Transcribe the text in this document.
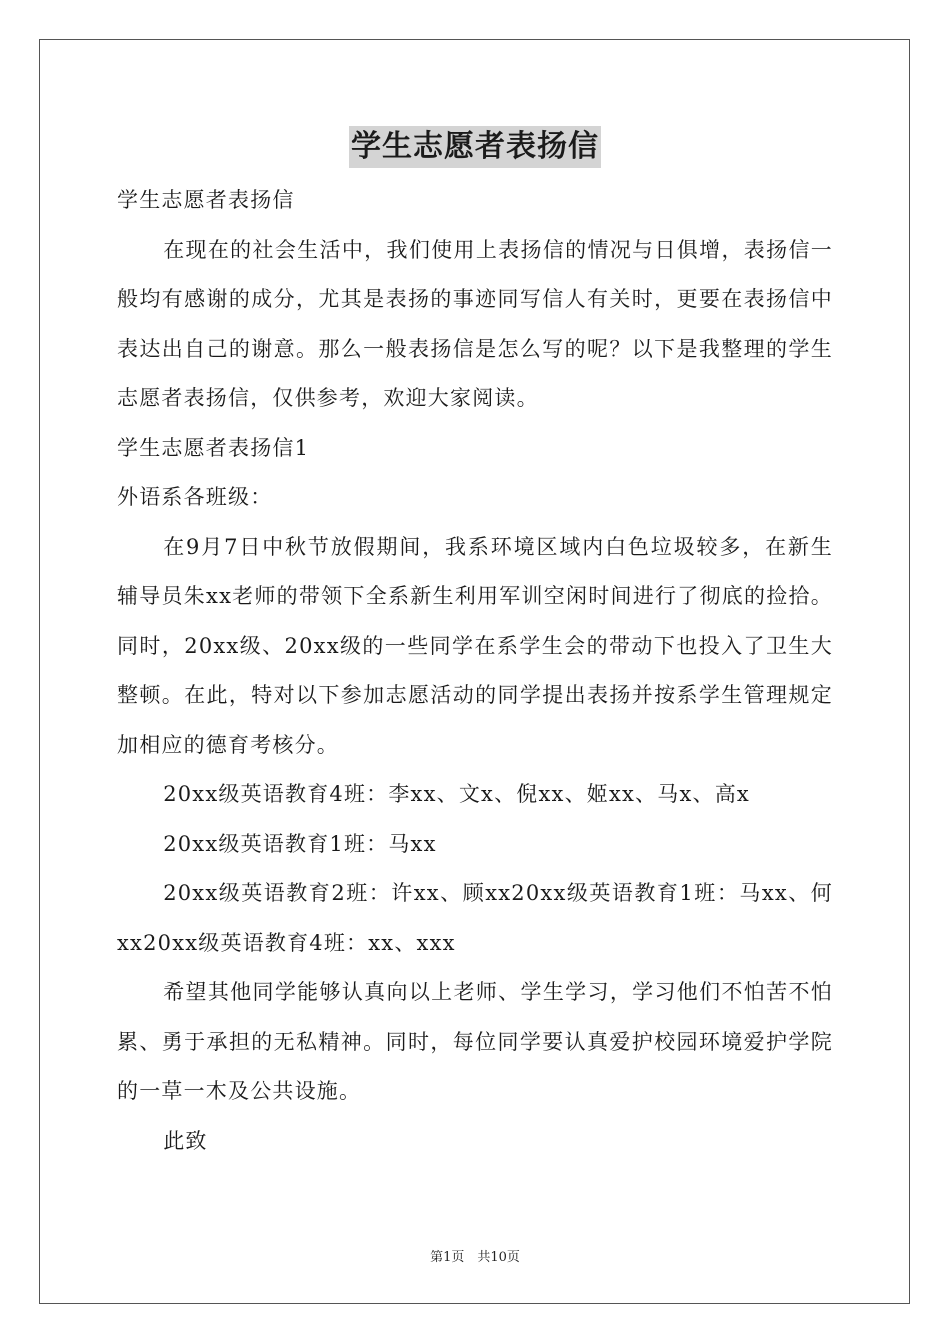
学生志愿者表扬信

学生志愿者表扬信

在现在的社会生活中，我们使用上表扬信的情况与日俱增，表扬信一般均有感谢的成分，尤其是表扬的事迹同写信人有关时，更要在表扬信中表达出自己的谢意。那么一般表扬信是怎么写的呢？以下是我整理的学生志愿者表扬信，仅供参考，欢迎大家阅读。

学生志愿者表扬信1

外语系各班级：

在9月7日中秋节放假期间，我系环境区域内白色垃圾较多，在新生辅导员朱xx老师的带领下全系新生利用军训空闲时间进行了彻底的捡拾。同时，20xx级、20xx级的一些同学在系学生会的带动下也投入了卫生大整顿。在此，特对以下参加志愿活动的同学提出表扬并按系学生管理规定加相应的德育考核分。

20xx级英语教育4班：李xx、文x、倪xx、姬xx、马x、高x

20xx级英语教育1班：马xx

20xx级英语教育2班：许xx、顾xx20xx级英语教育1班：马xx、何xx20xx级英语教育4班：xx、xxx

希望其他同学能够认真向以上老师、学生学习，学习他们不怕苦不怕累、勇于承担的无私精神。同时，每位同学要认真爱护校园环境爱护学院的一草一木及公共设施。

此致

第1页　共10页
